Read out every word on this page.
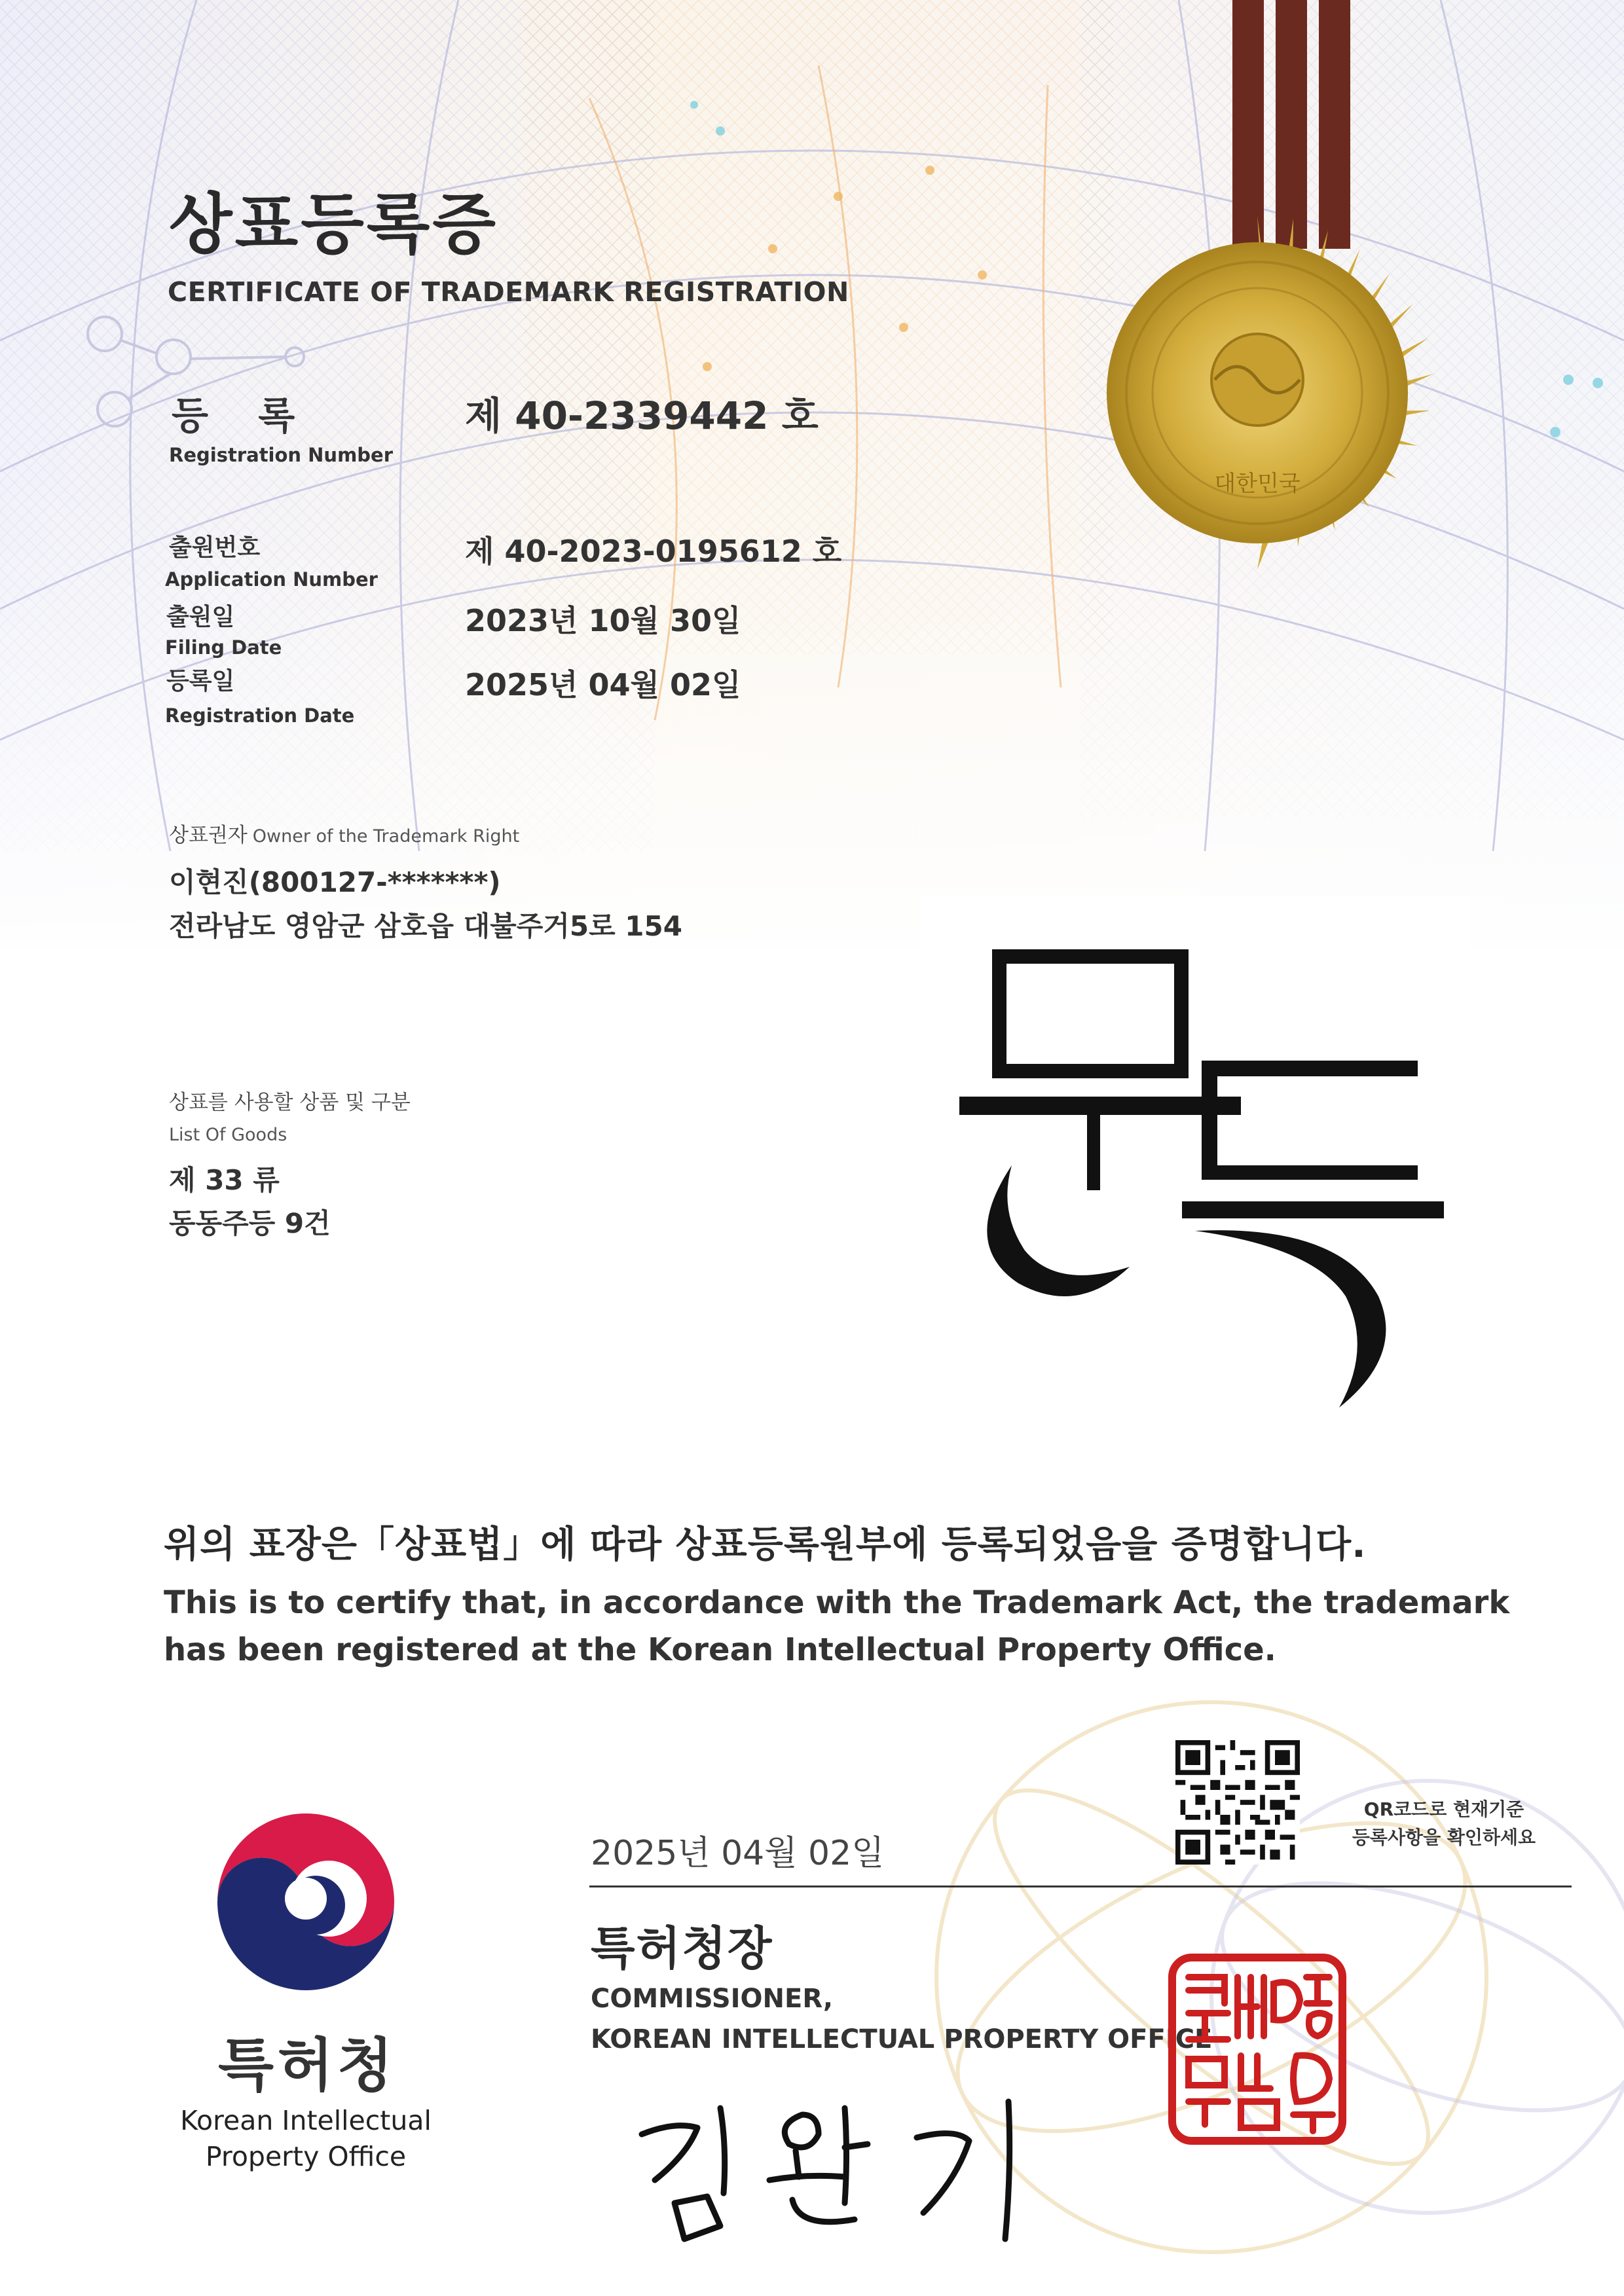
대한민국
상표등록증
CERTIFICATE OF TRADEMARK REGISTRATION
등 록
Registration Number
제 40-2339442 호
출원번호
Application Number
제 40-2023-0195612 호
출원일
Filing Date
2023년 10월 30일
등록일
Registration Date
2025년 04월 02일
상표권자 Owner of the Trademark Right
이현진(800127-*******)
전라남도 영암군 삼호읍 대불주거5로 154
상표를 사용할 상품 및 구분
List Of Goods
제 33 류
동동주등 9건
위의 표장은「상표법」에 따라 상표등록원부에 등록되었음을 증명합니다.
This is to certify that, in accordance with the Trademark Act, the trademark
has been registered at the Korean Intellectual Property Office.
QR코드로 현재기준
등록사항을 확인하세요
특허청
Korean Intellectual
Property Office
2025년 04월 02일
특허청장
COMMISSIONER,
KOREAN INTELLECTUAL PROPERTY OFFICE
